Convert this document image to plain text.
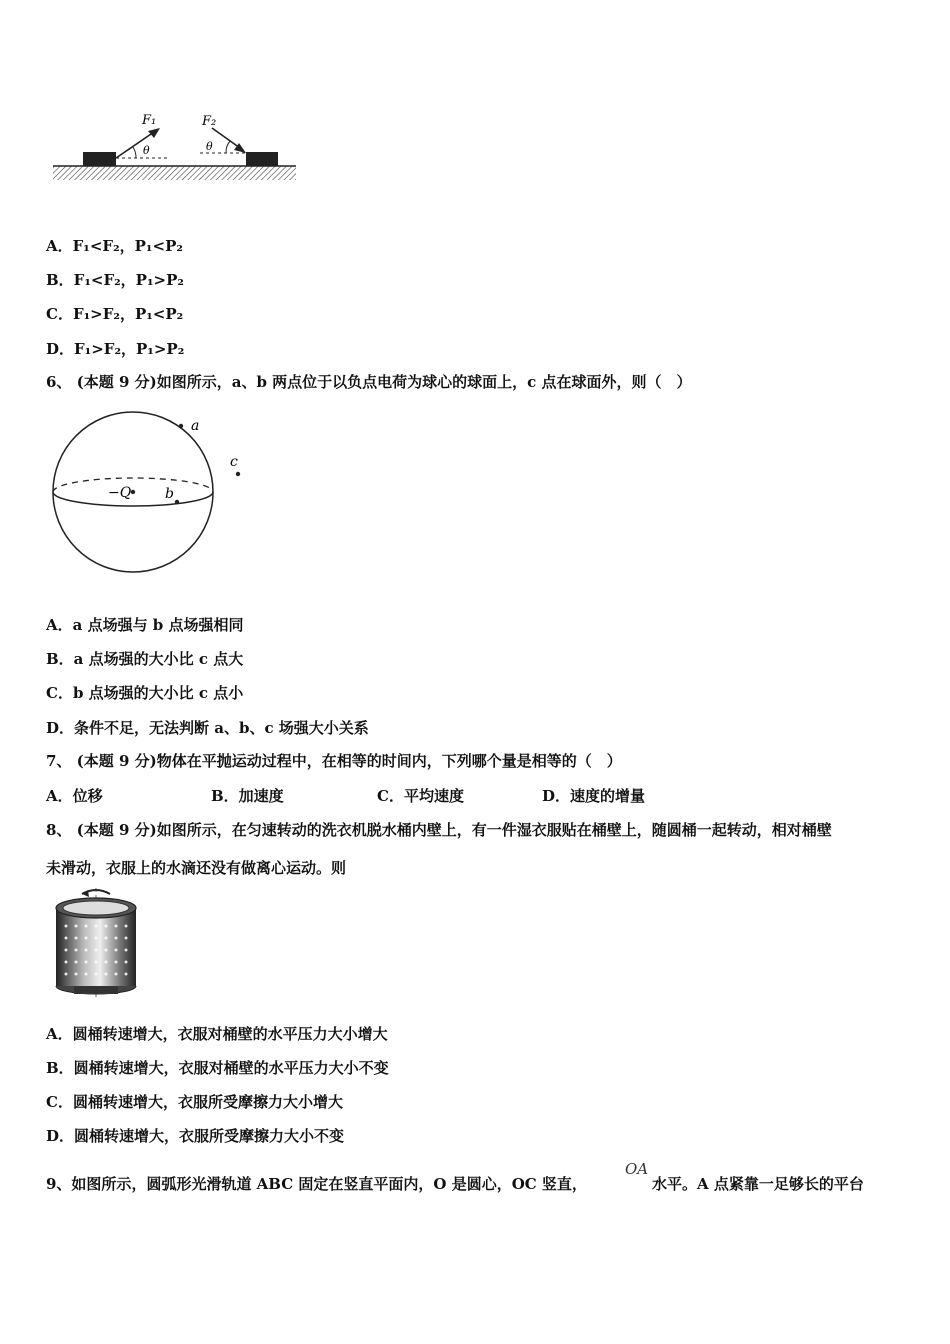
F₁	F₂
θ	θ
A．F₁<F₂，P₁<P₂
B．F₁<F₂，P₁>P₂
C．F₁>F₂，P₁<P₂
D．F₁>F₂，P₁>P₂
6、 (本题 9 分)如图所示，a、b 两点位于以负点电荷为球心的球面上，c 点在球面外，则（　）
a
−Q b
c
A．a 点场强与 b 点场强相同
B．a 点场强的大小比 c 点大
C．b 点场强的大小比 c 点小
D．条件不足，无法判断 a、b、c 场强大小关系
7、 (本题 9 分)物体在平抛运动过程中，在相等的时间内，下列哪个量是相等的（　）
A．位移	B．加速度	C．平均速度	D．速度的增量
8、 (本题 9 分)如图所示，在匀速转动的洗衣机脱水桶内壁上，有一件湿衣服贴在桶壁上，随圆桶一起转动，相对桶壁
未滑动，衣服上的水滴还没有做离心运动。则
A．圆桶转速增大，衣服对桶壁的水平压力大小增大
B．圆桶转速增大，衣服对桶壁的水平压力大小不变
C．圆桶转速增大，衣服所受摩擦力大小增大
D．圆桶转速增大，衣服所受摩擦力大小不变
9、如图所示，圆弧形光滑轨道 ABC 固定在竖直平面内，O 是圆心，OC 竖直，
OA
水平。A 点紧靠一足够长的平台
